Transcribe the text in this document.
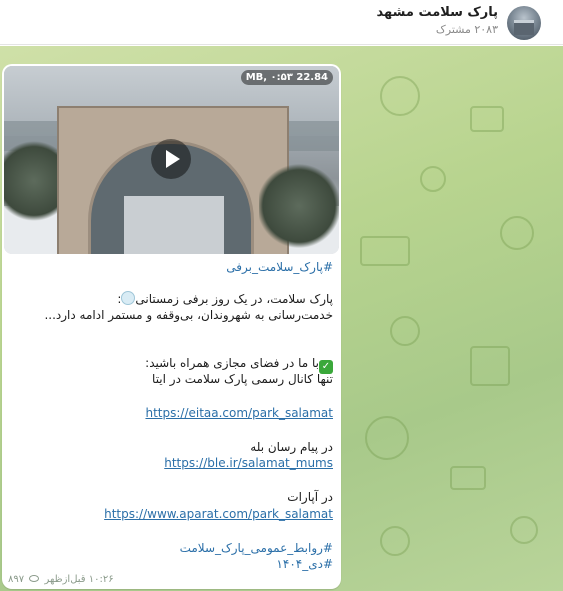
پارک سلامت مشهد
۲۰۸۳ مشترک
22.84 MB, ۰:۵۳
#پارک_سلامت_برفی
پارک سلامت، در یک روز برفی زمستانی:
خدمت‌رسانی به شهروندان، بی‌وقفه و مستمر ادامه دارد...
✓با ما در فضای مجازی همراه باشید:
تنها کانال رسمی پارک سلامت در ایتا
https://eitaa.com/park_salamat
در پیام رسان بله
https://ble.ir/salamat_mums
در آپارات
https://www.aparat.com/park_salamat
#روابط_عمومی_پارک_سلامت
#دی_۱۴۰۴
۱۰:۲۶ قبل‌ازظهر  ۸۹۷
